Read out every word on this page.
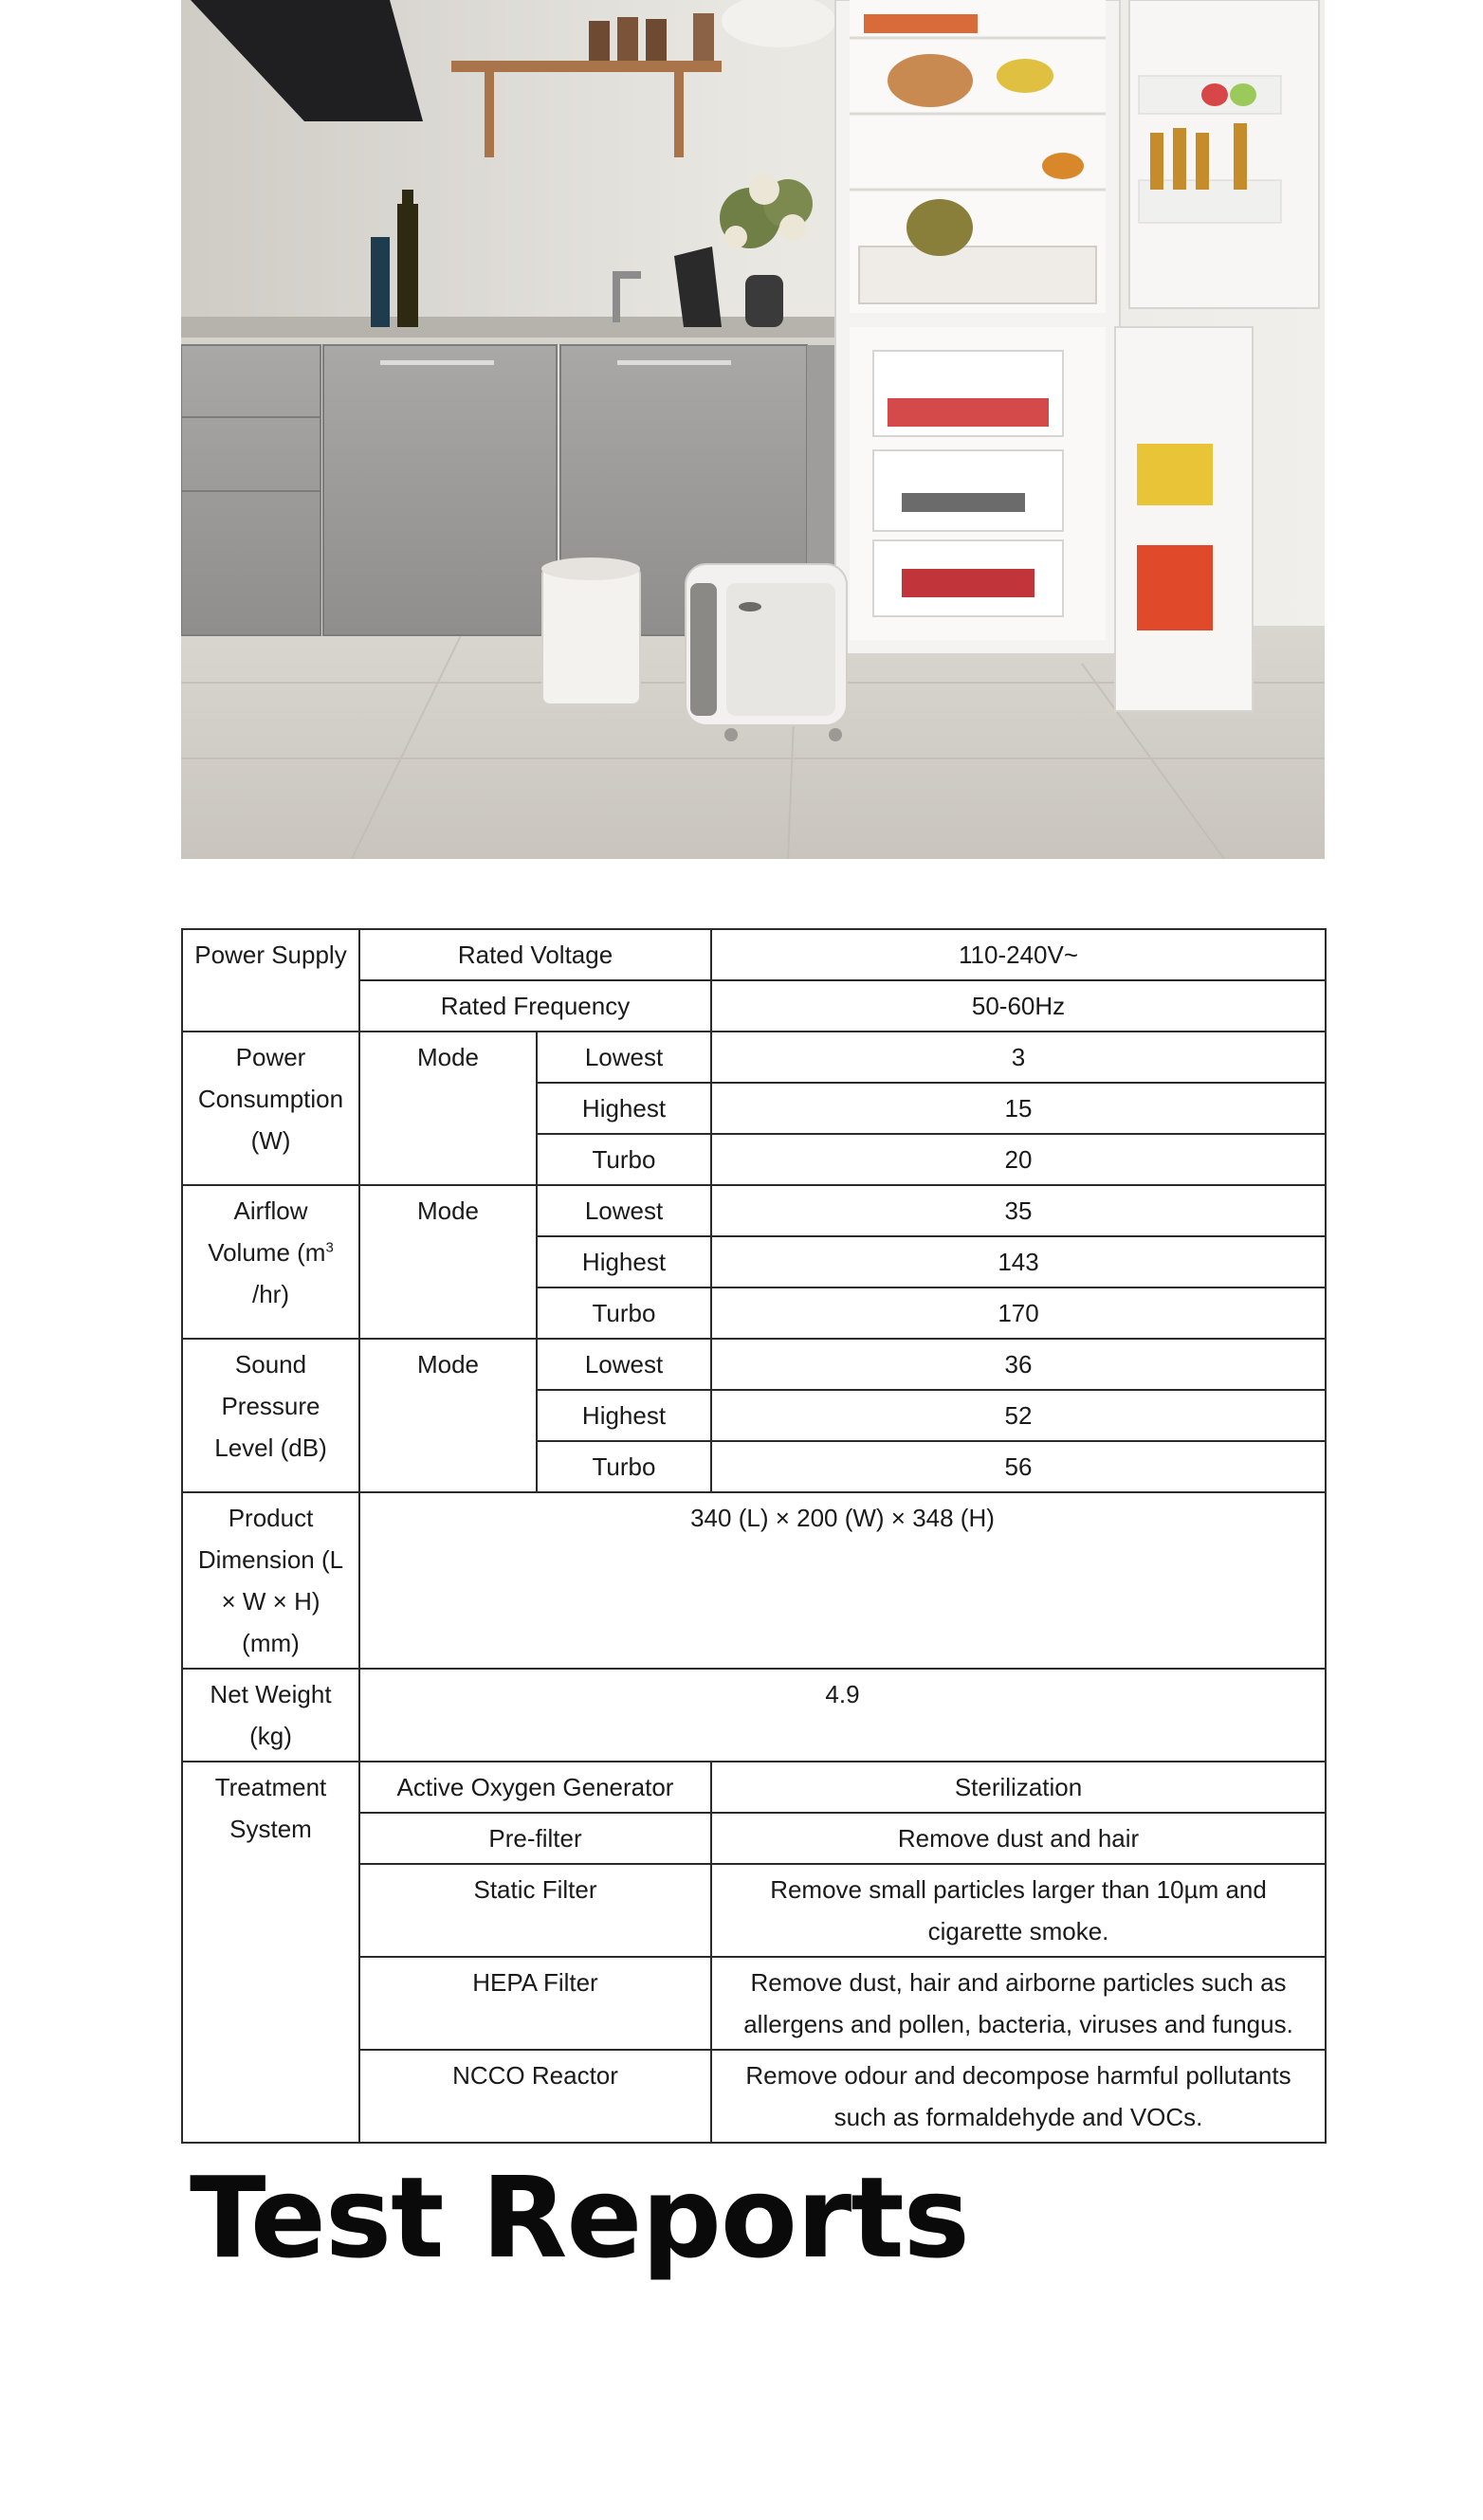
Power Supply	Rated Voltage		110-240V~
	Rated Frequency		50-60Hz
Power Consumption (W)	Mode	Lowest	3
		Highest	15
		Turbo	20
Airflow Volume ($m^3$ /hr)	Mode	Lowest	35
		Highest	143
		Turbo	170
Sound Pressure Level (dB)	Mode	Lowest	36
		Highest	52
		Turbo	56
Product Dimension (L × W × H) (mm)	340 (L) × 200 (W) × 348 (H)		
Net Weight (kg)	4.9		
Treatment System	Active Oxygen Generator		Sterilization
	Pre-filter		Remove dust and hair
	Static Filter		Remove small particles larger than 10µm and cigarette smoke.
	HEPA Filter		Remove dust, hair and airborne particles such as allergens and pollen, bacteria, viruses and fungus.
	NCCO Reactor		Remove odour and decompose harmful pollutants such as formaldehyde and VOCs.
Test Reports
